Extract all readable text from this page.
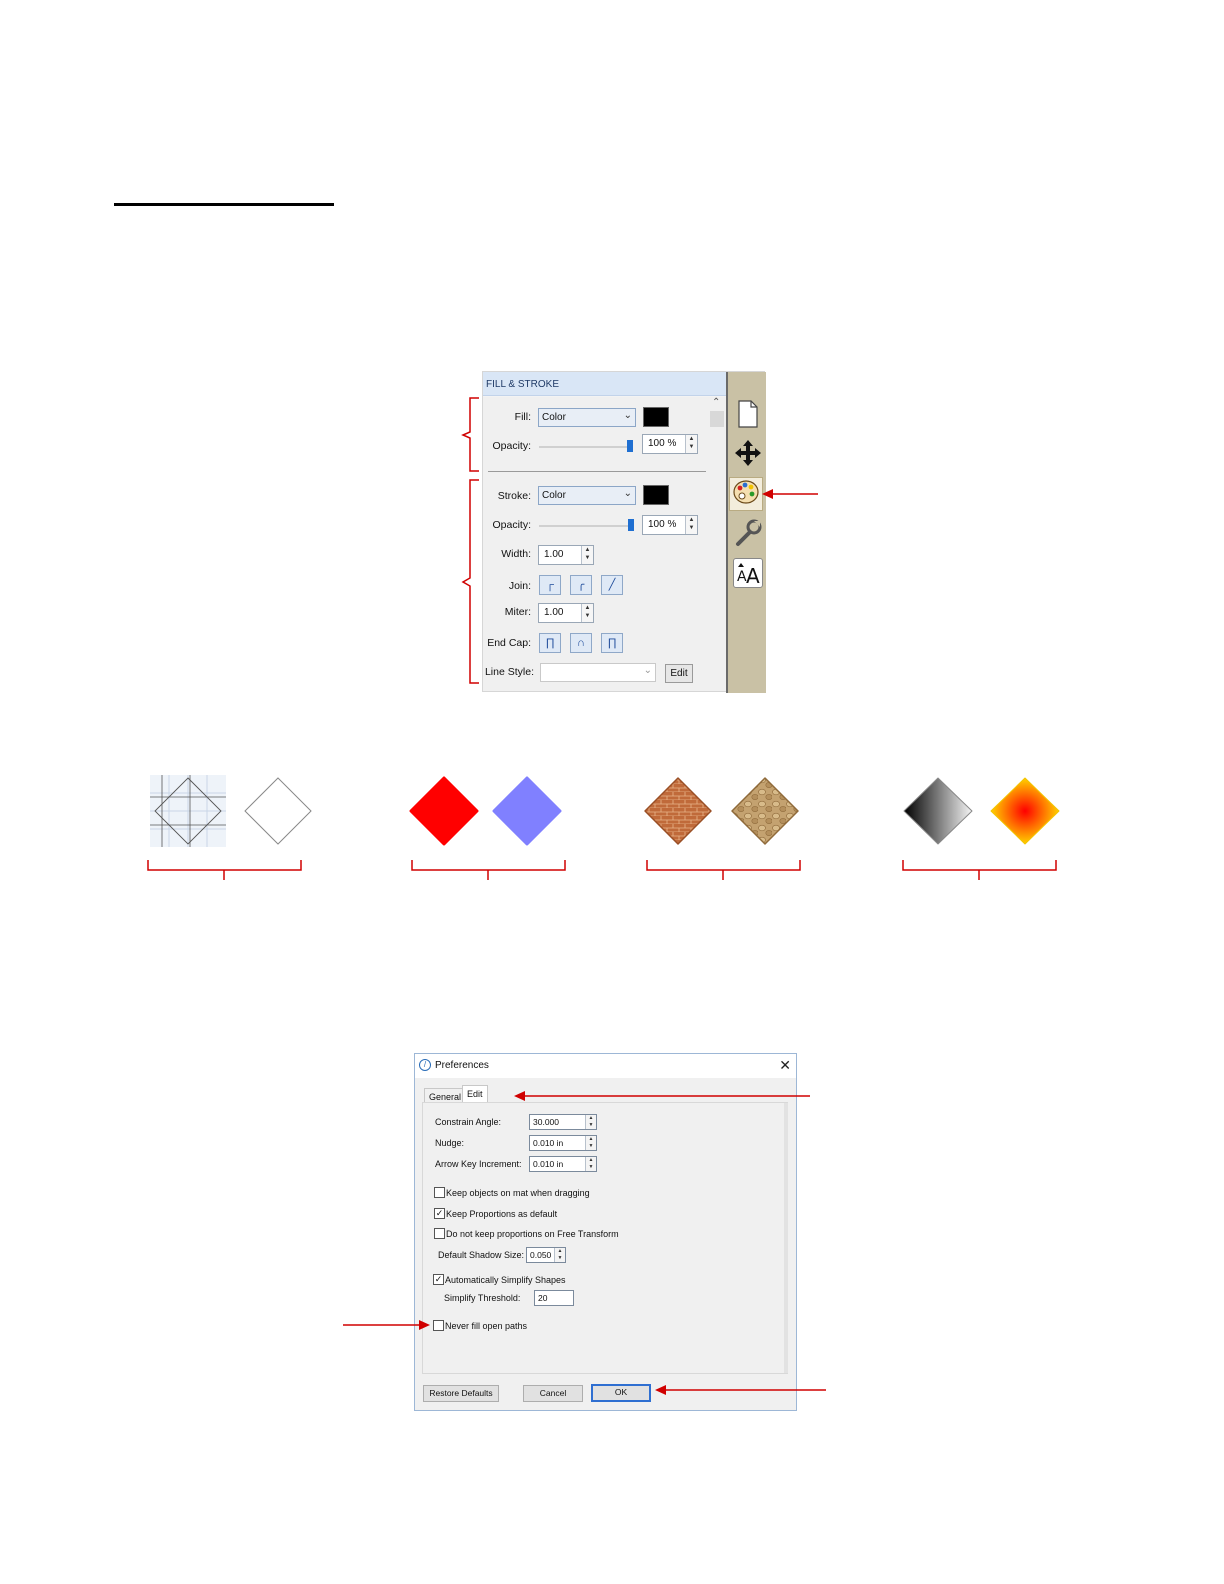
FILL & STROKE
Fill:	Color	⌄
Opacity:	100 %	▲
▼
Stroke:	Color	⌄
Opacity:	100 %	▲
▼
Width:	1.00	▲
▼
Join:	┌	╭	╱
Miter:	1.00	▲
▼
End Cap:	∏	∩	∏
Line Style:	⌄	Edit
⌃
A A
/ Preferences	✕
General Edit
Constrain Angle:	30.000	▲
▼
Nudge:	0.010 in	▲
▼
Arrow Key Increment:	0.010 in	▲
▼
Keep objects on mat when dragging
✓ Keep Proportions as default
Do not keep proportions on Free Transform
Default Shadow Size: 0.050	▲
▼
✓ Automatically Simplify Shapes
Simplify Threshold:	20
Never fill open paths
Restore Defaults	Cancel	OK
